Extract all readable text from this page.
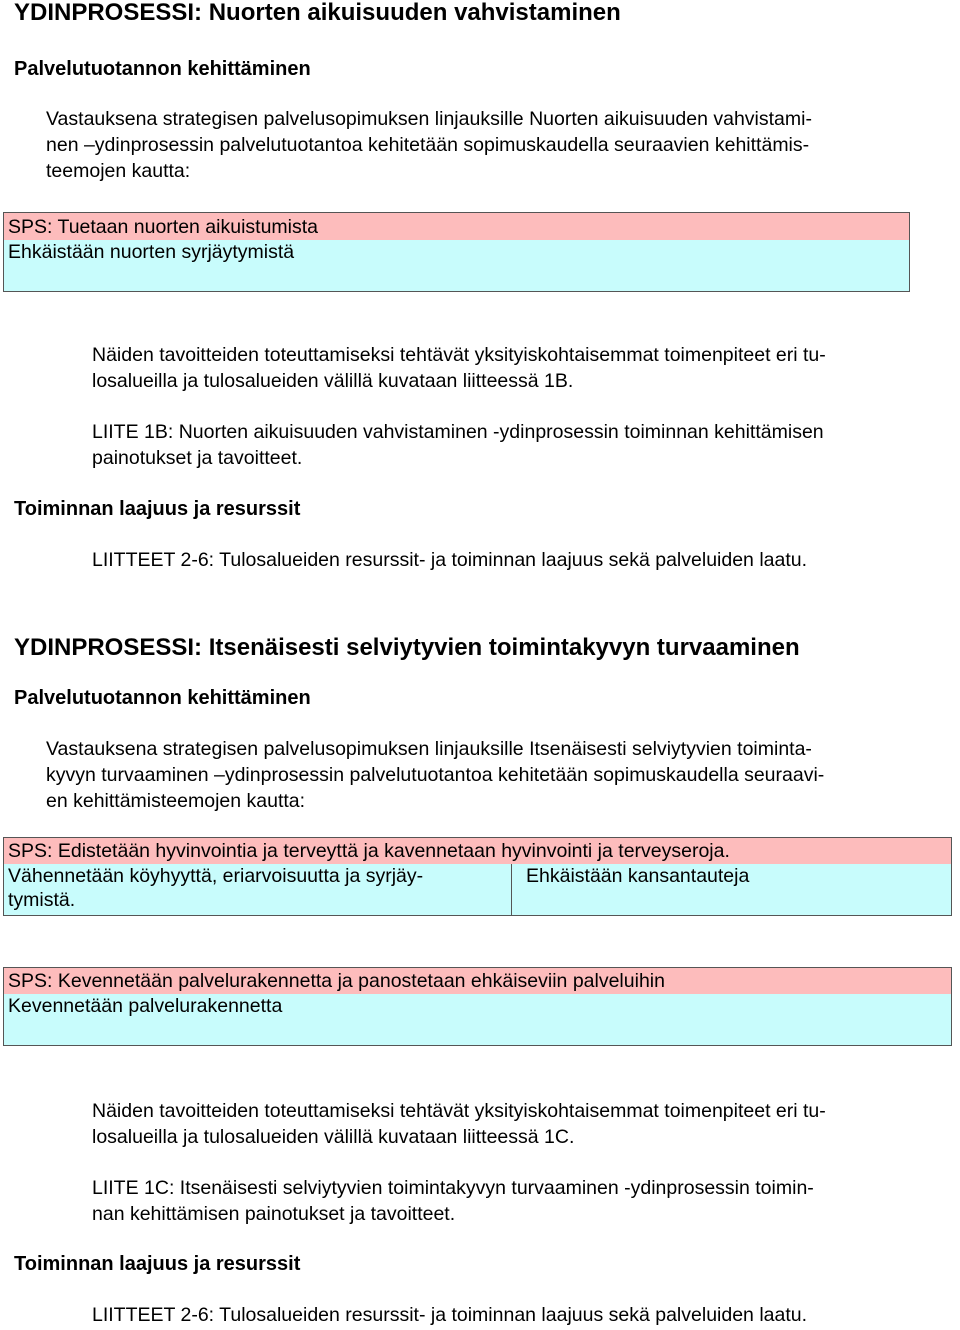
YDINPROSESSI: Nuorten aikuisuuden vahvistaminen
Palvelutuotannon kehittäminen
Vastauksena strategisen palvelusopimuksen linjauksille Nuorten aikuisuuden vahvistami-
nen –ydinprosessin palvelutuotantoa kehitetään sopimuskaudella seuraavien kehittämis-
teemojen kautta:
SPS: Tuetaan nuorten aikuistumista
Ehkäistään nuorten syrjäytymistä
Näiden tavoitteiden toteuttamiseksi tehtävät yksityiskohtaisemmat toimenpiteet eri tu-
losalueilla ja tulosalueiden välillä kuvataan liitteessä 1B.
LIITE 1B: Nuorten aikuisuuden vahvistaminen -ydinprosessin toiminnan kehittämisen
painotukset ja tavoitteet.
Toiminnan laajuus ja resurssit
LIITTEET 2-6: Tulosalueiden resurssit- ja toiminnan laajuus sekä palveluiden laatu.
YDINPROSESSI: Itsenäisesti selviytyvien toimintakyvyn turvaaminen
Palvelutuotannon kehittäminen
Vastauksena strategisen palvelusopimuksen linjauksille Itsenäisesti selviytyvien toiminta-
kyvyn turvaaminen –ydinprosessin palvelutuotantoa kehitetään sopimuskaudella seuraavi-
en kehittämisteemojen kautta:
SPS: Edistetään hyvinvointia ja terveyttä ja kavennetaan hyvinvointi ja terveyseroja.
Vähennetään köyhyyttä, eriarvoisuutta ja syrjäy-
tymistä.
Ehkäistään kansantauteja
SPS: Kevennetään palvelurakennetta ja panostetaan ehkäiseviin palveluihin
Kevennetään palvelurakennetta
Näiden tavoitteiden toteuttamiseksi tehtävät yksityiskohtaisemmat toimenpiteet eri tu-
losalueilla ja tulosalueiden välillä kuvataan liitteessä 1C.
LIITE 1C: Itsenäisesti selviytyvien toimintakyvyn turvaaminen -ydinprosessin toimin-
nan kehittämisen painotukset ja tavoitteet.
Toiminnan laajuus ja resurssit
LIITTEET 2-6: Tulosalueiden resurssit- ja toiminnan laajuus sekä palveluiden laatu.
